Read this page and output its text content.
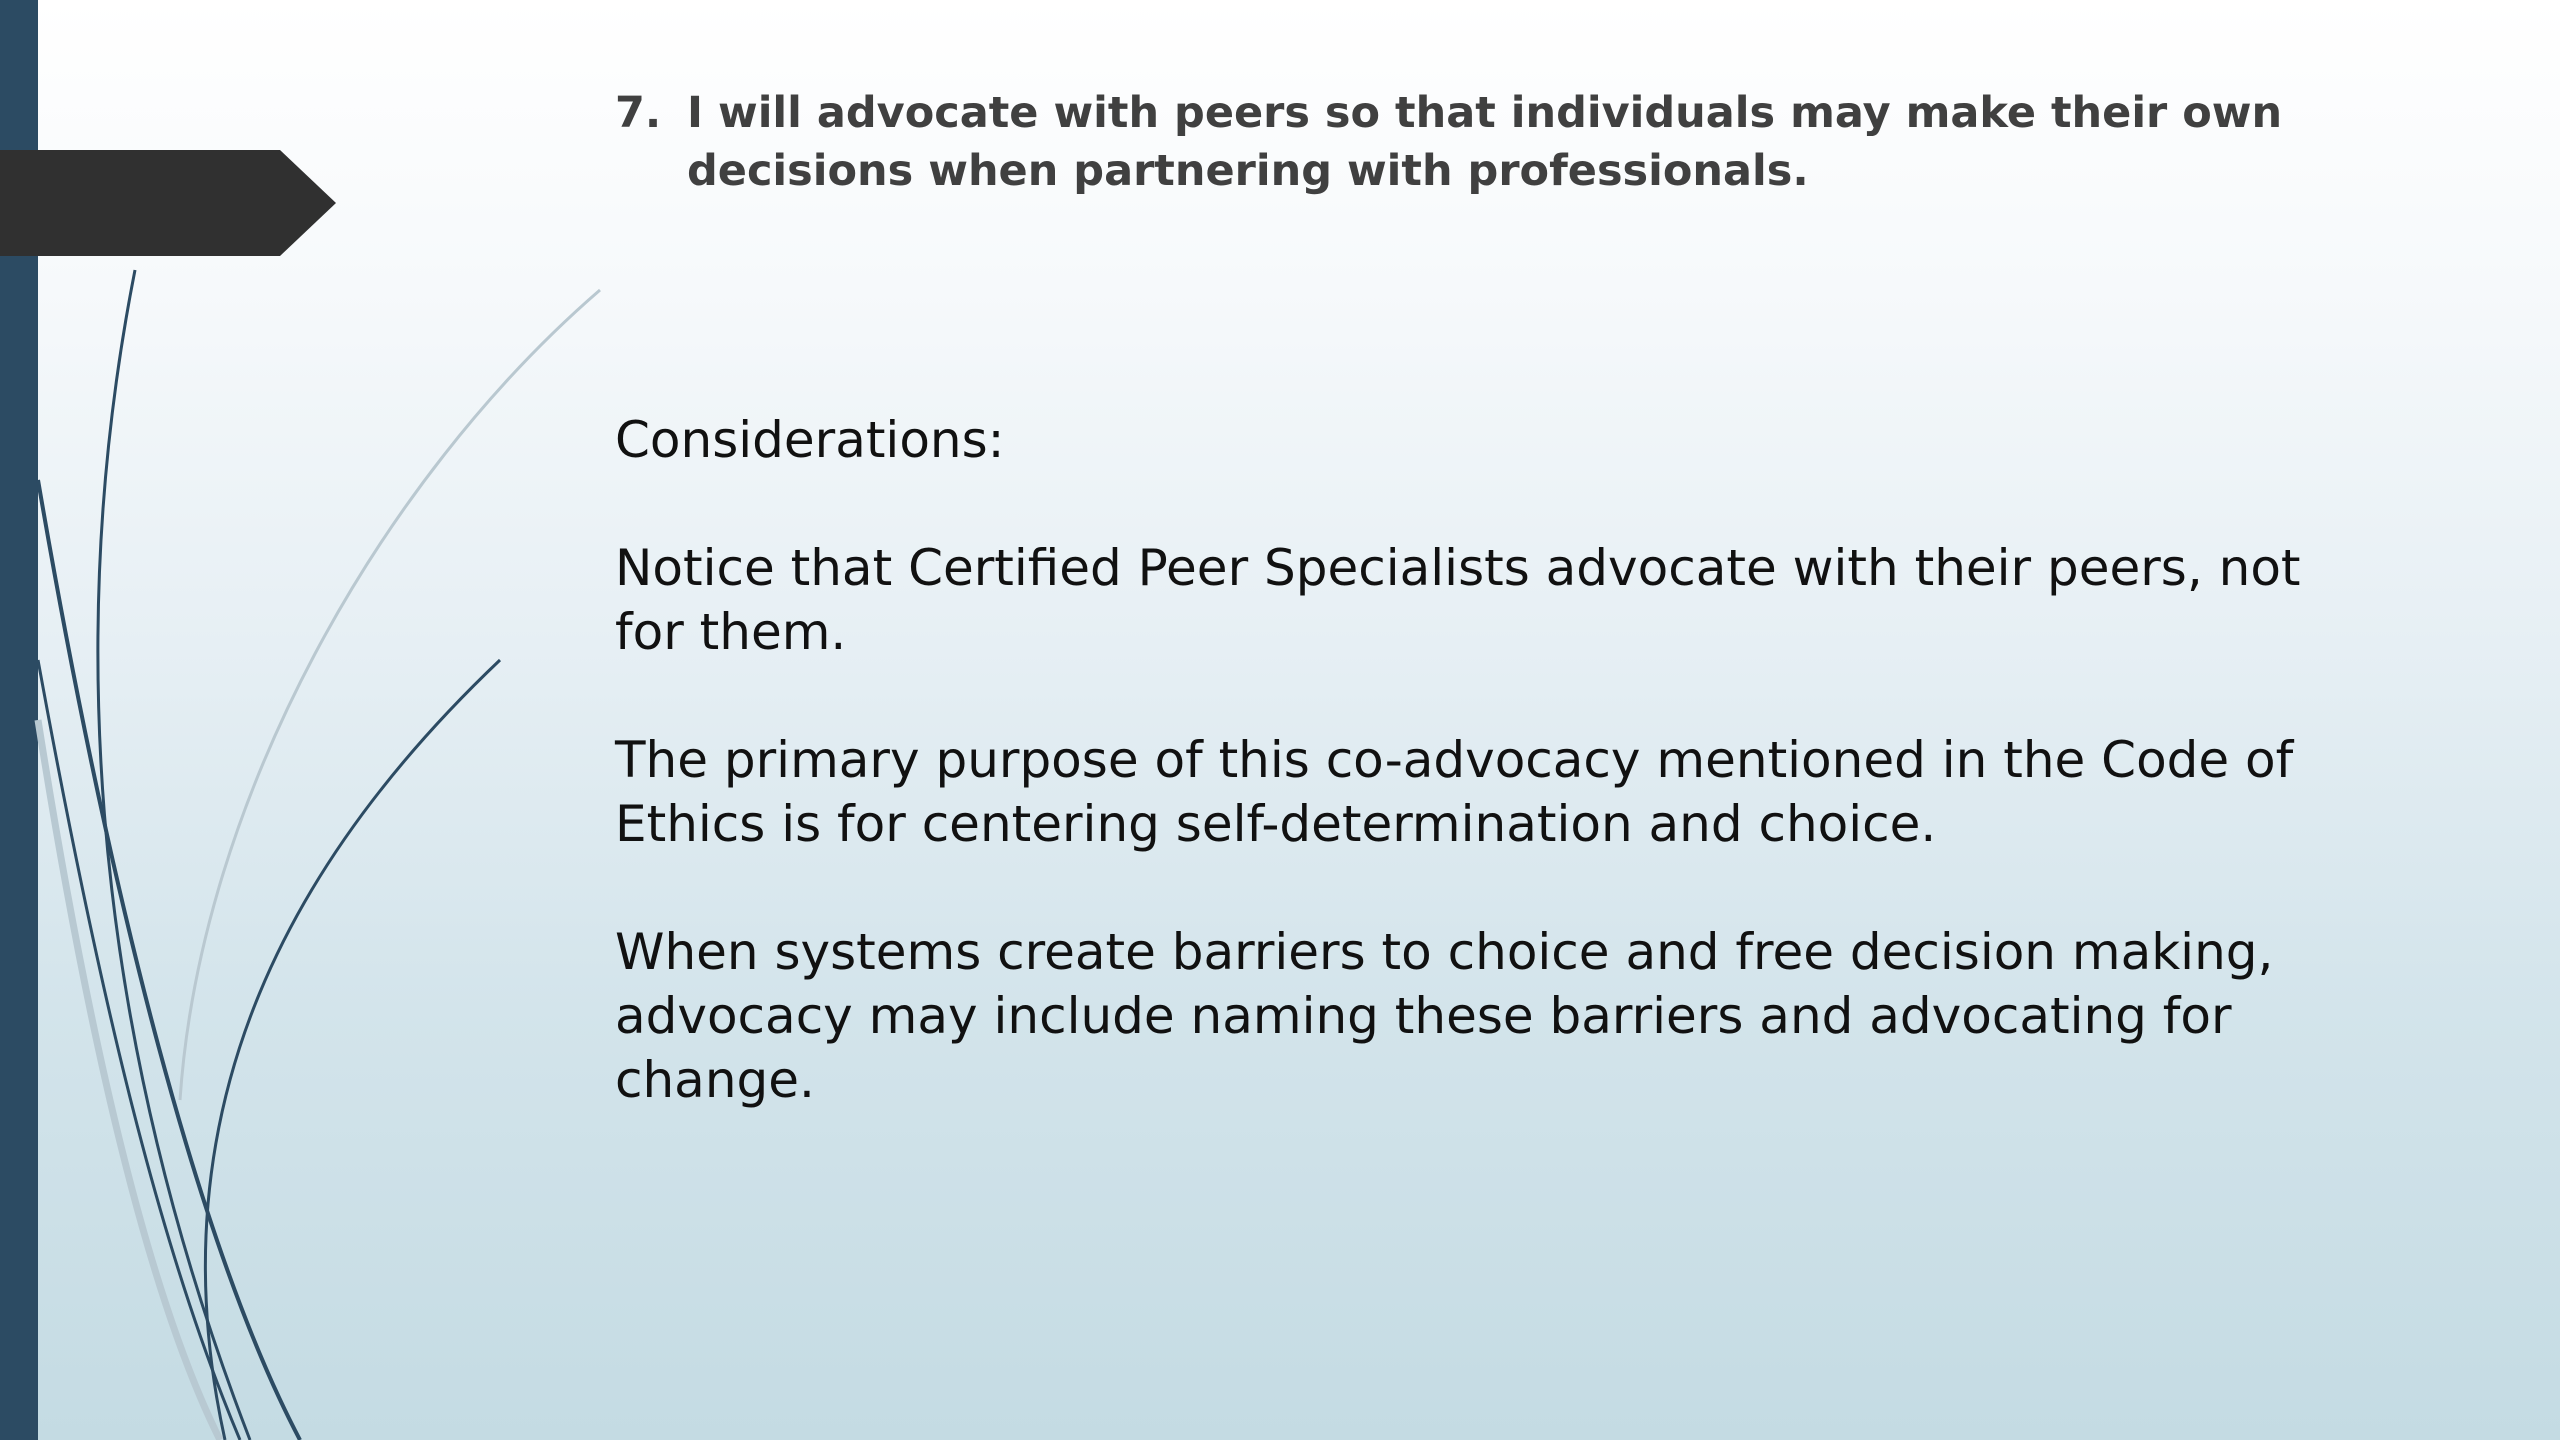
7. I will advocate with peers so that individuals may make their own decisions when partnering with professionals.

Considerations:

Notice that Certified Peer Specialists advocate with their peers, not for them.

The primary purpose of this co-advocacy mentioned in the Code of Ethics is for centering self-determination and choice.

When systems create barriers to choice and free decision making, advocacy may include naming these barriers and advocating for change.
